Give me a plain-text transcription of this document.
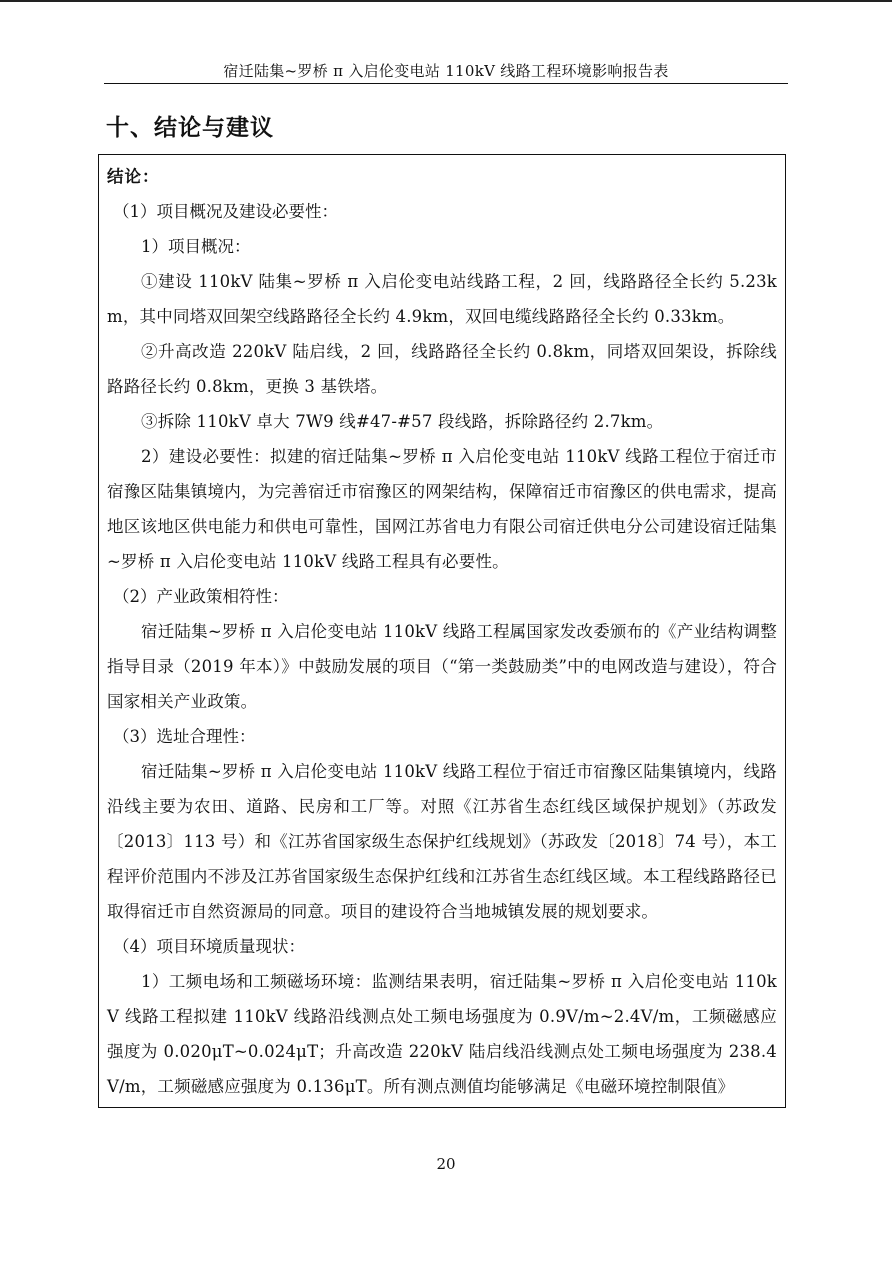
宿迁陆集~罗桥 π 入启伦变电站 110kV 线路工程环境影响报告表
十、结论与建议

结论：

（1）项目概况及建设必要性：

1）项目概况：

①建设 110kV 陆集~罗桥 π 入启伦变电站线路工程，2 回，线路路径全长约 5.23km，其中同塔双回架空线路路径全长约 4.9km，双回电缆线路路径全长约 0.33km。

②升高改造 220kV 陆启线，2 回，线路路径全长约 0.8km，同塔双回架设，拆除线路路径长约 0.8km，更换 3 基铁塔。

③拆除 110kV 卓大 7W9 线#47-#57 段线路，拆除路径约 2.7km。

2）建设必要性：拟建的宿迁陆集~罗桥 π 入启伦变电站 110kV 线路工程位于宿迁市宿豫区陆集镇境内，为完善宿迁市宿豫区的网架结构，保障宿迁市宿豫区的供电需求，提高地区该地区供电能力和供电可靠性，国网江苏省电力有限公司宿迁供电分公司建设宿迁陆集~罗桥 π 入启伦变电站 110kV 线路工程具有必要性。

（2）产业政策相符性：

宿迁陆集~罗桥 π 入启伦变电站 110kV 线路工程属国家发改委颁布的《产业结构调整指导目录（2019 年本）》中鼓励发展的项目（“第一类鼓励类”中的电网改造与建设），符合国家相关产业政策。

（3）选址合理性：

宿迁陆集~罗桥 π 入启伦变电站 110kV 线路工程位于宿迁市宿豫区陆集镇境内，线路沿线主要为农田、道路、民房和工厂等。对照《江苏省生态红线区域保护规划》（苏政发〔2013〕113 号）和《江苏省国家级生态保护红线规划》（苏政发〔2018〕74 号），本工程评价范围内不涉及江苏省国家级生态保护红线和江苏省生态红线区域。本工程线路路径已取得宿迁市自然资源局的同意。项目的建设符合当地城镇发展的规划要求。

（4）项目环境质量现状：

1）工频电场和工频磁场环境：监测结果表明，宿迁陆集~罗桥 π 入启伦变电站 110kV 线路工程拟建 110kV 线路沿线测点处工频电场强度为 0.9V/m~2.4V/m，工频磁感应强度为 0.020μT~0.024μT；升高改造 220kV 陆启线沿线测点处工频电场强度为 238.4V/m，工频磁感应强度为 0.136μT。所有测点测值均能够满足《电磁环境控制限值》

20
